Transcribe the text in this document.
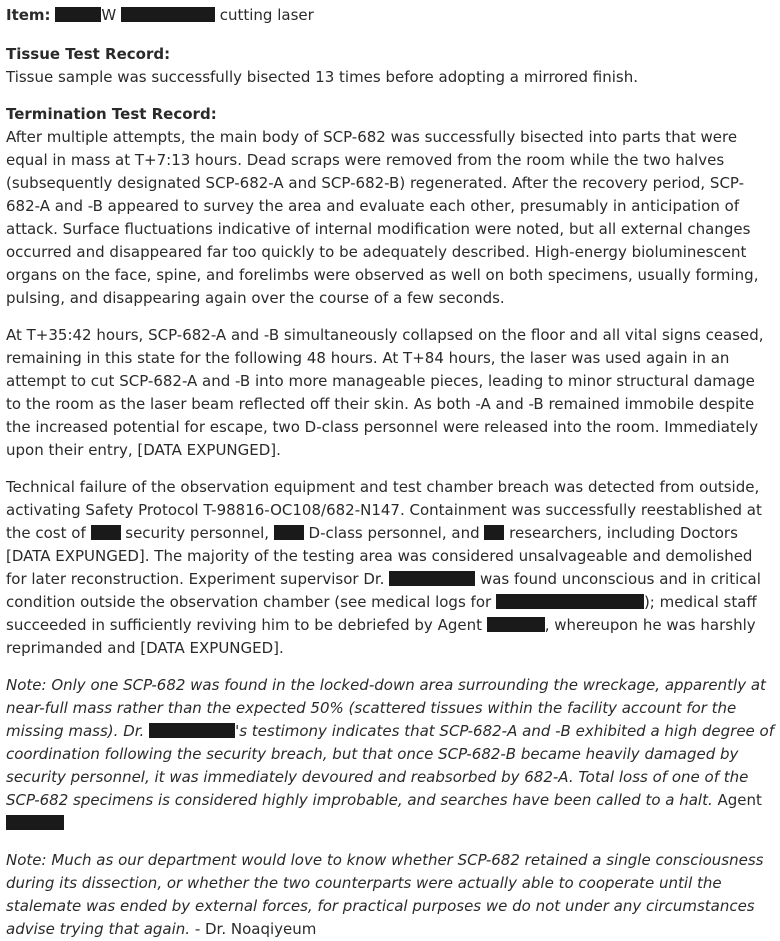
Item:	W	cutting laser
Tissue Test Record:
Tissue sample was successfully bisected 13 times before adopting a mirrored finish.
Termination Test Record:

After multiple attempts, the main body of SCP-682 was successfully bisected into parts that were equal in mass at T+7:13 hours. Dead scraps were removed from the room while the two halves (subsequently designated SCP-682-A and SCP-682-B) regenerated. After the recovery period, SCP-682-A and -B appeared to survey the area and evaluate each other, presumably in anticipation of attack. Surface fluctuations indicative of internal modification were noted, but all external changes occurred and disappeared far too quickly to be adequately described. High-energy bioluminescent organs on the face, spine, and forelimbs were observed as well on both specimens, usually forming, pulsing, and disappearing again over the course of a few seconds.

At T+35:42 hours, SCP-682-A and -B simultaneously collapsed on the floor and all vital signs ceased, remaining in this state for the following 48 hours. At T+84 hours, the laser was used again in an attempt to cut SCP-682-A and -B into more manageable pieces, leading to minor structural damage to the room as the laser beam reflected off their skin. As both -A and -B remained immobile despite the increased potential for escape, two D-class personnel were released into the room. Immediately upon their entry, [DATA EXPUNGED].

Technical failure of the observation equipment and test chamber breach was detected from outside, activating Safety Protocol T-98816-OC108/682-N147. Containment was successfully reestablished at the cost of  security personnel,  D-class personnel, and  researchers, including Doctors [DATA EXPUNGED]. The majority of the testing area was considered unsalvageable and demolished for later reconstruction. Experiment supervisor Dr.	was found unconscious and in critical condition outside the observation chamber (see medical logs for	); medical staff succeeded in sufficiently reviving him to be debriefed by Agent	, whereupon he was harshly reprimanded and [DATA EXPUNGED].

Note: Only one SCP-682 was found in the locked-down area surrounding the wreckage, apparently at near-full mass rather than the expected 50% (scattered tissues within the facility account for the missing mass). Dr.	's testimony indicates that SCP-682-A and -B exhibited a high degree of coordination following the security breach, but that once SCP-682-B became heavily damaged by security personnel, it was immediately devoured and reabsorbed by 682-A. Total loss of one of the SCP-682 specimens is considered highly improbable, and searches have been called to a halt. Agent

Note: Much as our department would love to know whether SCP-682 retained a single consciousness during its dissection, or whether the two counterparts were actually able to cooperate until the stalemate was ended by external forces, for practical purposes we do not under any circumstances advise trying that again. - Dr. Noaqiyeum
